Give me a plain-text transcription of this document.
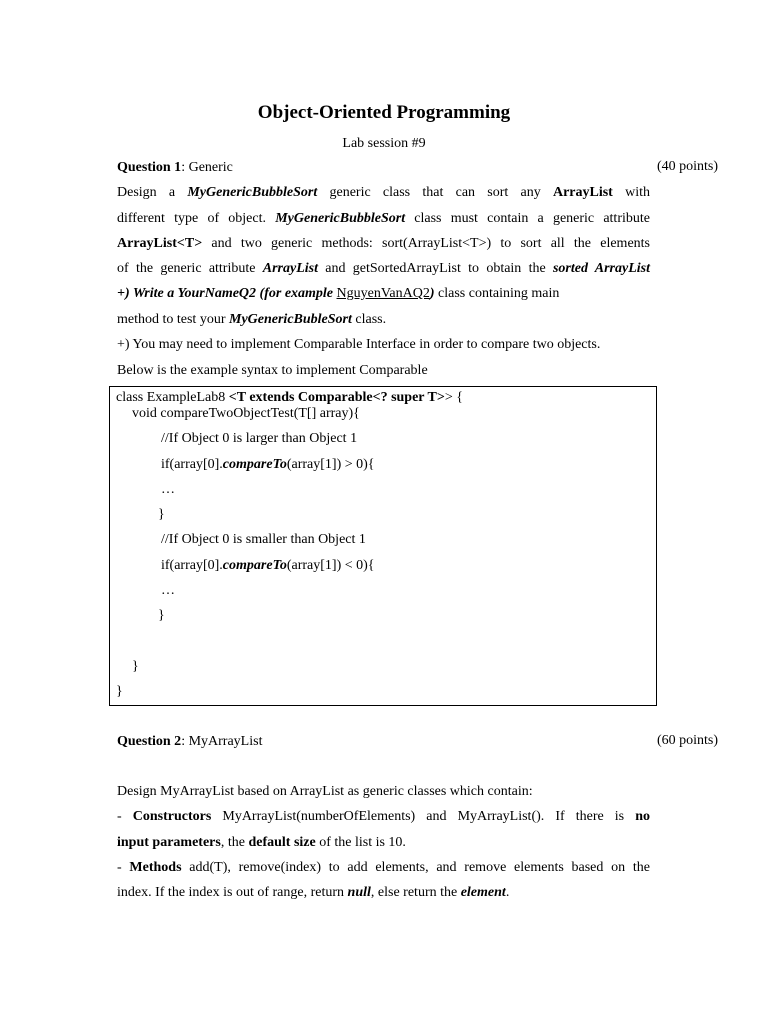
Object-Oriented Programming
Lab session #9
Question 1: Generic	(40 points)
Design a MyGenericBubbleSort generic class that can sort any ArrayList with
different type of object. MyGenericBubbleSort class must contain a generic attribute
ArrayList<T> and two generic methods: sort(ArrayList<T>) to sort all the elements
of the generic attribute ArrayList and getSortedArrayList to obtain the sorted ArrayList
+) Write a YourNameQ2 (for example NguyenVanAQ2) class containing main
method to test your MyGenericBubleSort class.
+) You may need to implement Comparable Interface in order to compare two objects.
Below is the example syntax to implement Comparable
class ExampleLab8 <T extends Comparable<? super T>> {
void compareTwoObjectTest(T[] array){
//If Object 0 is larger than Object 1
if(array[0].compareTo(array[1]) > 0){
…
}
//If Object 0 is smaller than Object 1
if(array[0].compareTo(array[1]) < 0){
…
}
}
}
Question 2: MyArrayList	(60 points)
Design MyArrayList based on ArrayList as generic classes which contain:
- Constructors MyArrayList(numberOfElements) and MyArrayList(). If there is no
input parameters, the default size of the list is 10.
- Methods add(T), remove(index) to add elements, and remove elements based on the
index. If the index is out of range, return null, else return the element.
